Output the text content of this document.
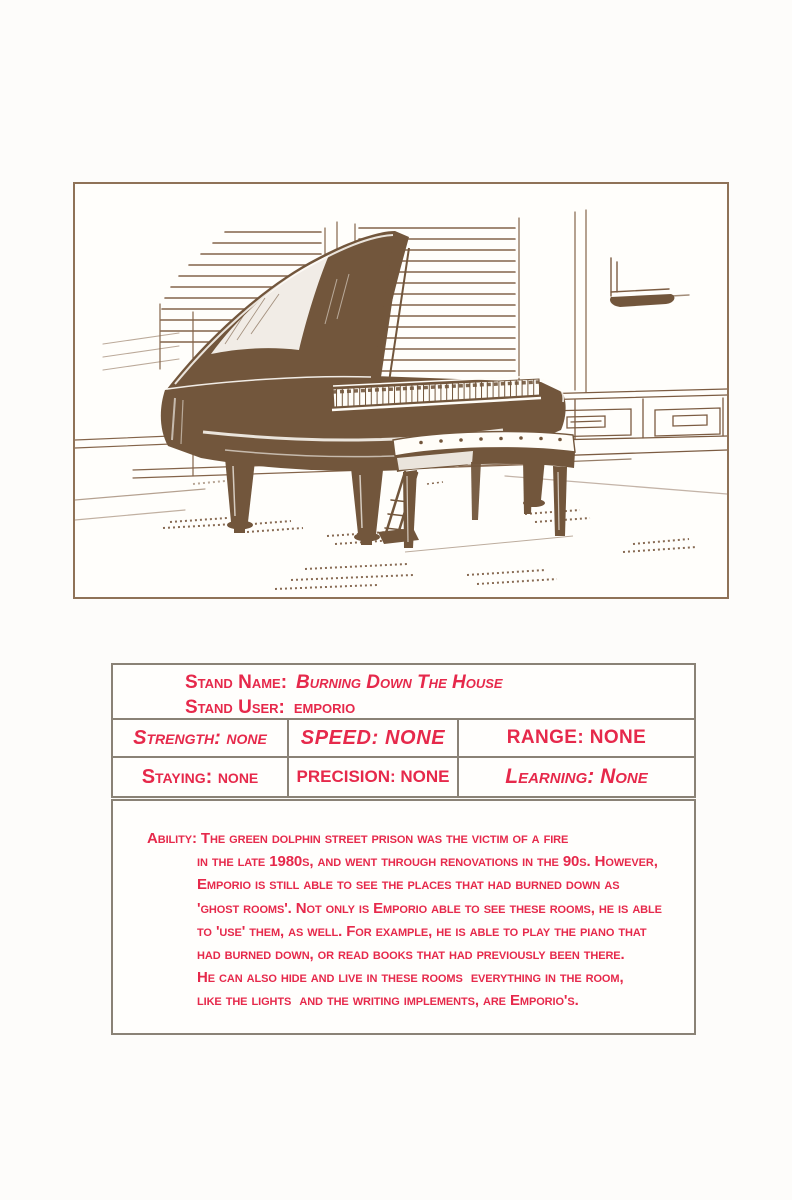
Stand Name: Burning Down The House
Stand User: emporio
Strength: none	SPEED: NONE	RANGE: NONE
Staying: none	PRECISION: NONE	Learning: None
Ability: The green dolphin street prison was the victim of a fire
in the late 1980s, and went through renovations in the 90s. However,
Emporio is still able to see the places that had burned down as
'ghost rooms'. Not only is Emporio able to see these rooms, he is able
to 'use' them, as well. For example, he is able to play the piano that
had burned down, or read books that had previously been there.
He can also hide and live in these rooms  everything in the room,
like the lights  and the writing implements, are Emporio's.
